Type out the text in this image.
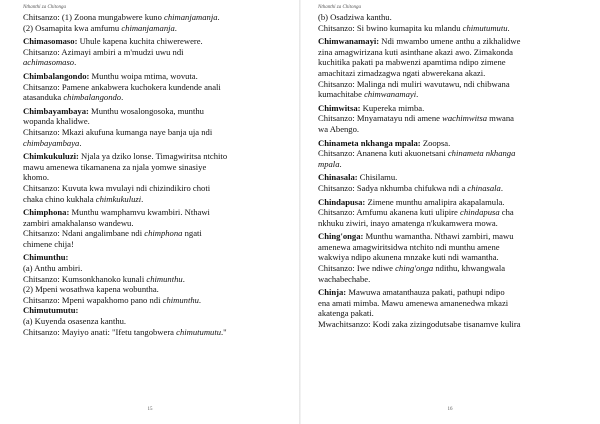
Nthanthi za Chitonga
Chitsanzo: (1) Zoona mungabwere kuno chimanjamanja.
(2) Osamapita kwa amfumu chimanjamanja.
Chimasomaso: Uhule kapena kuchita chiwerewere.
Chitsanzo: Azimayi ambiri a m'mudzi uwu ndi
achimasomaso.
Chimbalangondo: Munthu woipa mtima, wovuta.
Chitsanzo: Pamene ankabwera kuchokera kundende anali
atasanduka chimbalangondo.
Chimbayambaya: Munthu wosalongosoka, munthu
wopanda khalidwe.
Chitsanzo: Mkazi akufuna kumanga naye banja uja ndi
chimbayambaya.
Chimkukuluzi: Njala ya dziko lonse. Timagwiritsa ntchito
mawu amenewa tikamanena za njala yomwe sinasiye
khomo.
Chitsanzo: Kuvuta kwa mvulayi ndi chizindikiro choti
chaka chino kukhala chimkukuluzi.
Chimphona: Munthu wamphamvu kwambiri. Nthawi
zambiri amakhalanso wandewu.
Chitsanzo: Ndani angalimbane ndi chimphona ngati
chimene chija!
Chimunthu:
(a) Anthu ambiri.
Chitsanzo: Kumsonkhanoko kunali chimunthu.
(2) Mpeni wosathwa kapena wobuntha.
Chitsanzo: Mpeni wapakhomo pano ndi chimunthu.
Chimutumutu:
(a) Kuyenda osasenza kanthu.
Chitsanzo: Mayiyo anati: "Ifetu tangobwera chimutumutu."
15
Nthanthi za Chitonga
(b) Osadziwa kanthu.
Chitsanzo: Si bwino kumapita ku mlandu chimutumutu.
Chimwanamayi: Ndi mwambo umene anthu a zikhalidwe
zina amagwirizana kuti asinthane akazi awo. Zimakonda
kuchitika pakati pa mabwenzi apamtima ndipo zimene
amachitazi zimadzagwa ngati abwerekana akazi.
Chitsanzo: Malinga ndi muliri wavutawu, ndi chibwana
kumachitabe chimwanamayi.
Chimwitsa: Kupereka mimba.
Chitsanzo: Mnyamatayu ndi amene wachimwitsa mwana
wa Abengo.
Chinameta nkhanga mpala: Zoopsa.
Chitsanzo: Ananena kuti akuonetsani chinameta nkhanga
mpala.
Chinasala: Chisilamu.
Chitsanzo: Sadya nkhumba chifukwa ndi a chinasala.
Chindapusa: Zimene munthu amalipira akapalamula.
Chitsanzo: Amfumu akanena kuti ulipire chindapusa cha
nkhuku ziwiri, inayo amatenga n'kukamwera mowa.
Ching'onga: Munthu wamantha. Nthawi zambiri, mawu
amenewa amagwiritsidwa ntchito ndi munthu amene
wakwiya ndipo akunena mnzake kuti ndi wamantha.
Chitsanzo: Iwe ndiwe ching'onga ndithu, khwangwala
wachabechabe.
Chinja: Mawuwa amatanthauza pakati, pathupi ndipo
ena amati mimba. Mawu amenewa amanenedwa mkazi
akatenga pakati.
Mwachitsanzo: Kodi zaka zizingodutsabe tisanamve kulira
16
